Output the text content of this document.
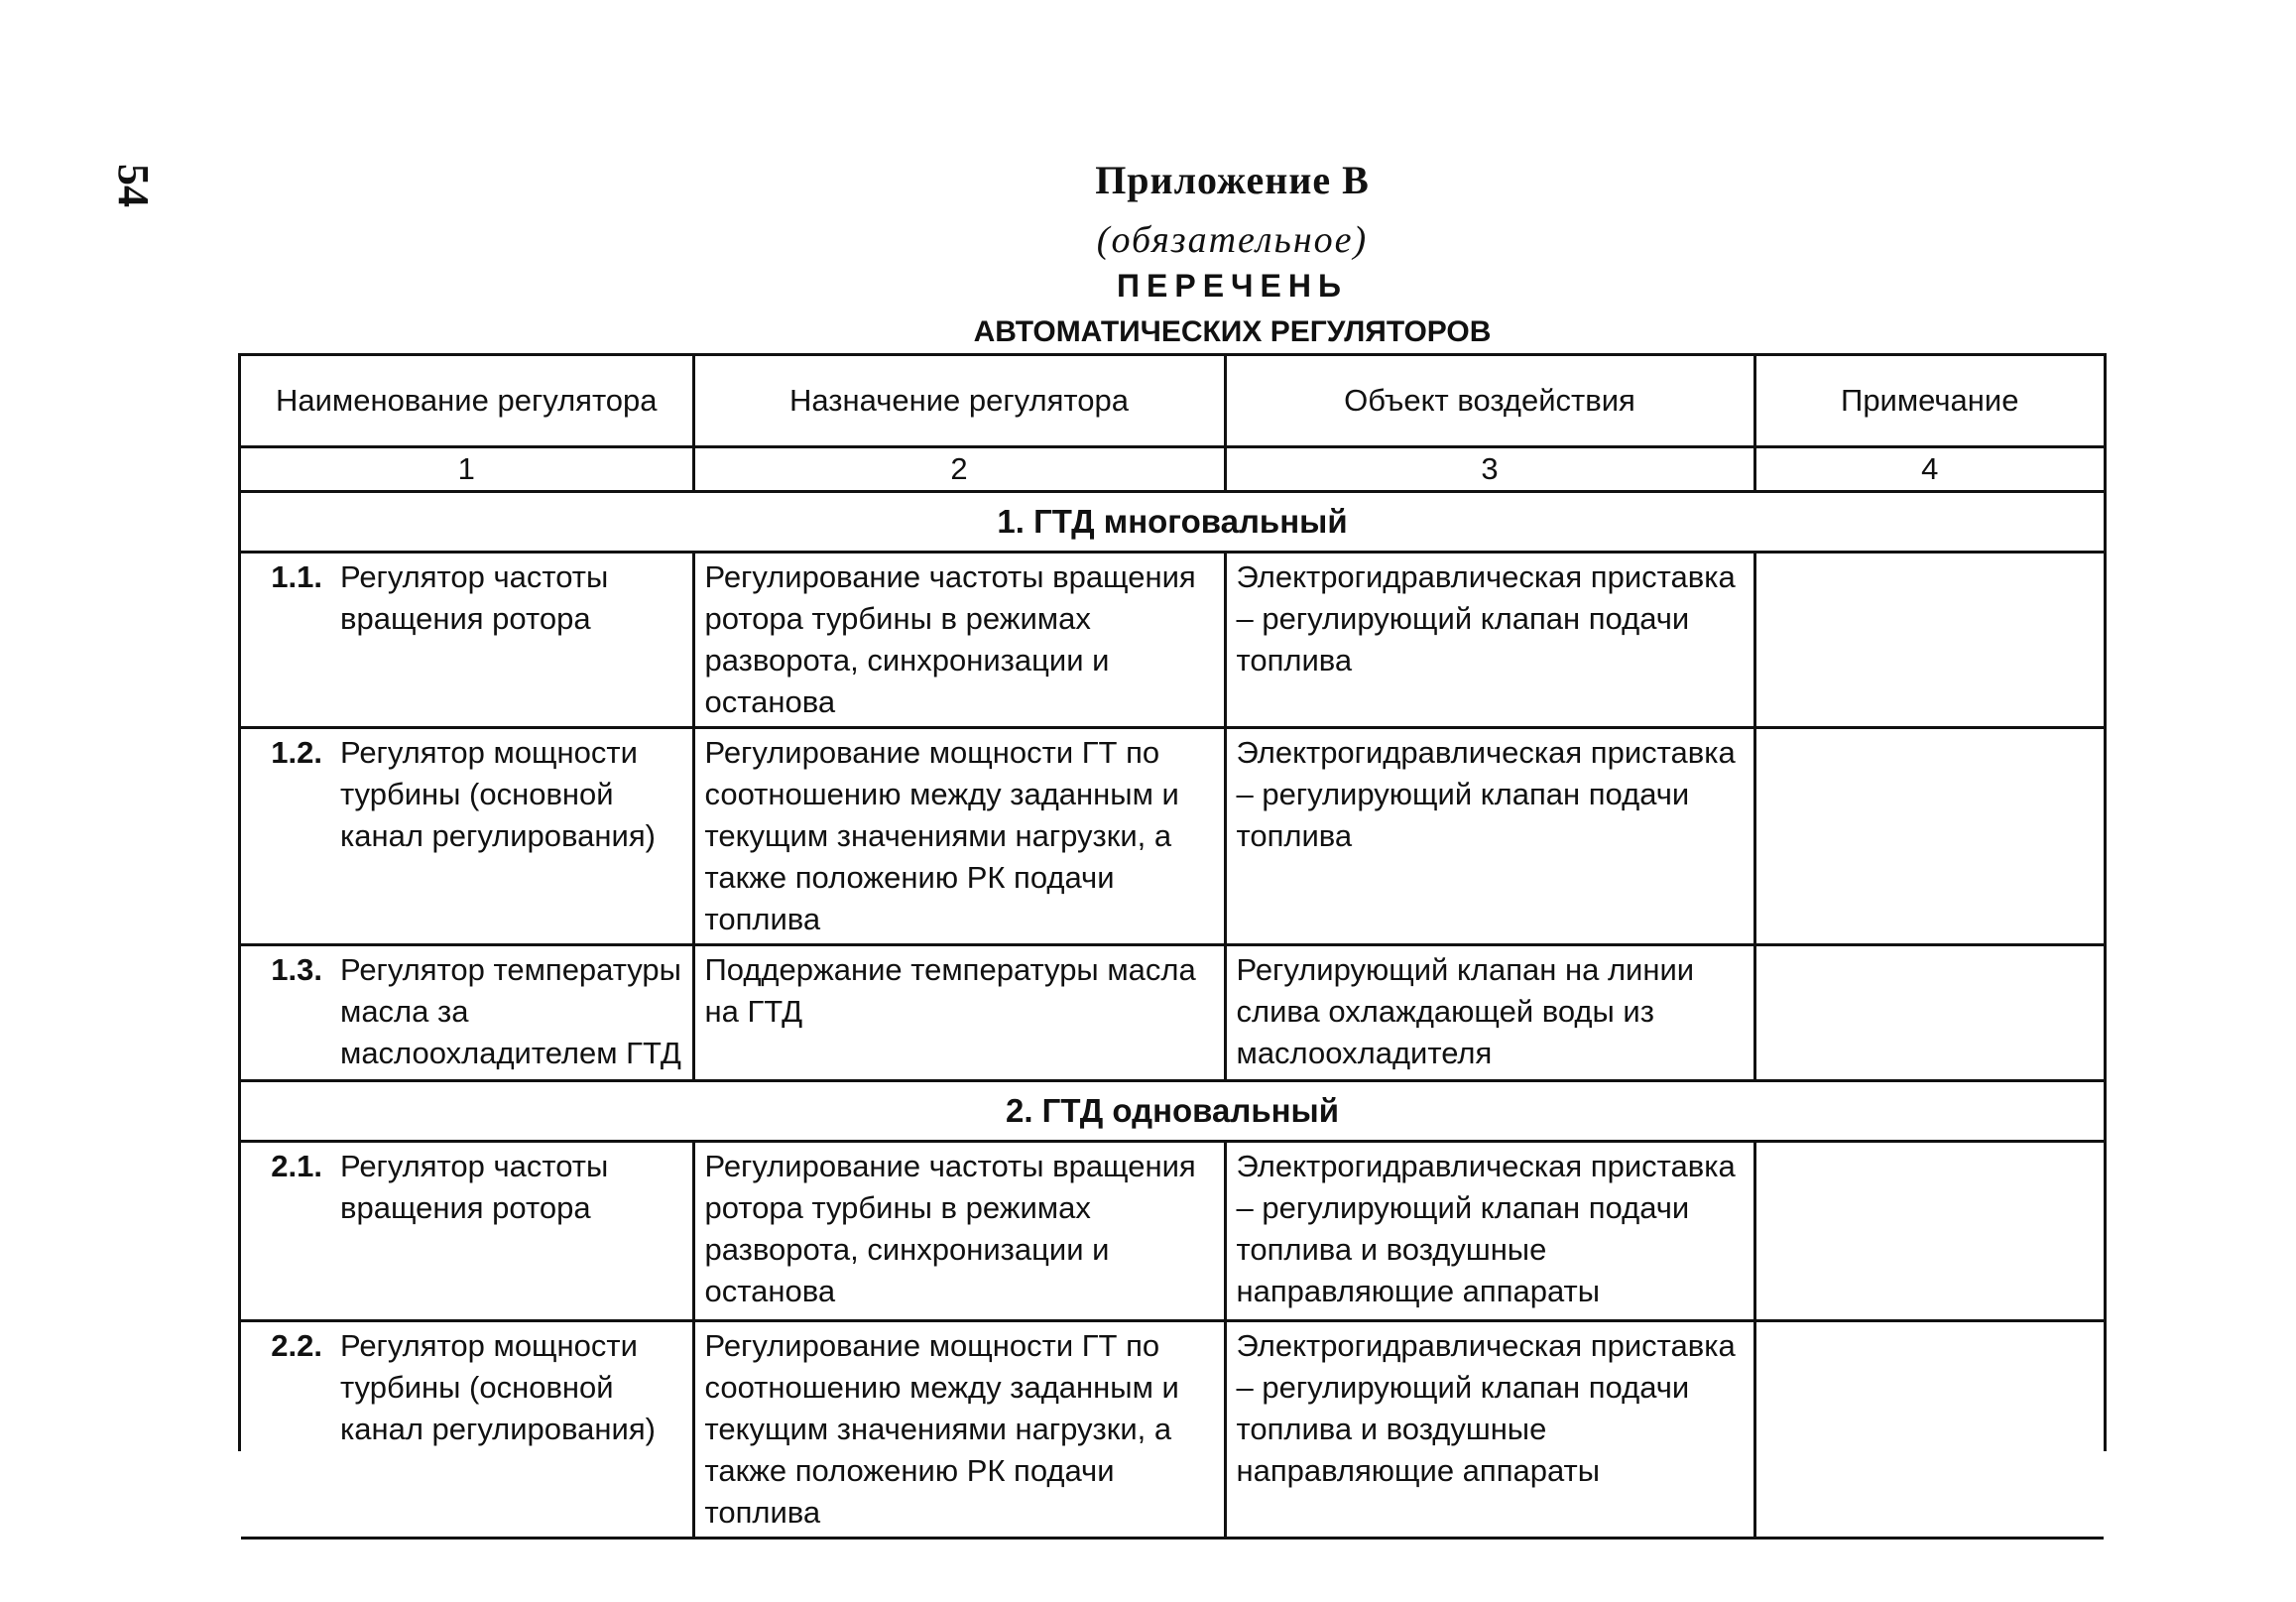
54	Приложение В
(обязательное)
ПЕРЕЧЕНЬ
АВТОМАТИЧЕСКИХ РЕГУЛЯТОРОВ
Наименование регулятора	Назначение регулятора	Объект воздействия	Примечание
1	2	3	4
1. ГТД многовальный			

1.1. Регулятор частоты вращения ротора	Регулирование частоты вращения ротора турбины в режимах разворота, синхронизации и останова	Электрогидравлическая приставка – регулирующий клапан подачи топлива	

1.2. Регулятор мощности турбины (основной канал регулирования)	Регулирование мощности ГТ по соотношению между заданным и текущим значениями нагрузки, а также положению РК подачи топлива	Электрогидравлическая приставка – регулирующий клапан подачи топлива	

1.3. Регулятор температуры масла за маслоохладителем ГТД	Поддержание температуры масла на ГТД	Регулирующий клапан на линии слива охлаждающей воды из маслоохладителя	
2. ГТД одновальный			

2.1. Регулятор частоты вращения ротора	Регулирование частоты вращения ротора турбины в режимах разворота, синхронизации и останова	Электрогидравлическая приставка – регулирующий клапан подачи топлива и воздушные направляющие аппараты	

2.2. Регулятор мощности турбины (основной канал регулирования)	Регулирование мощности ГТ по соотношению между заданным и текущим значениями нагрузки, а также положению РК подачи топлива	Электрогидравлическая приставка – регулирующий клапан подачи топлива и воздушные направляющие аппараты	
